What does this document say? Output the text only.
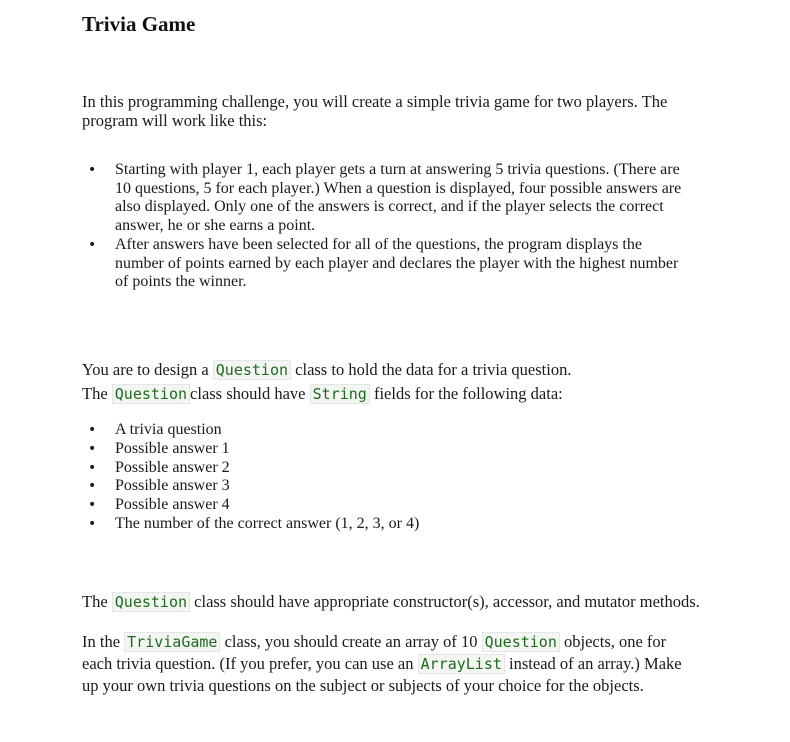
Trivia Game

In this programming challenge, you will create a simple trivia game for two players. The program will work like this:

• Starting with player 1, each player gets a turn at answering 5 trivia questions. (There are 10 questions, 5 for each player.) When a question is displayed, four possible answers are also displayed. Only one of the answers is correct, and if the player selects the correct answer, he or she earns a point.
• After answers have been selected for all of the questions, the program displays the number of points earned by each player and declares the player with the highest number of points the winner.

You are to design a Question class to hold the data for a trivia question.
The Question class should have String fields for the following data:

• A trivia question
• Possible answer 1
• Possible answer 2
• Possible answer 3
• Possible answer 4
• The number of the correct answer (1, 2, 3, or 4)

The Question class should have appropriate constructor(s), accessor, and mutator methods.

In the TriviaGame class, you should create an array of 10 Question objects, one for each trivia question. (If you prefer, you can use an ArrayList instead of an array.) Make up your own trivia questions on the subject or subjects of your choice for the objects.
